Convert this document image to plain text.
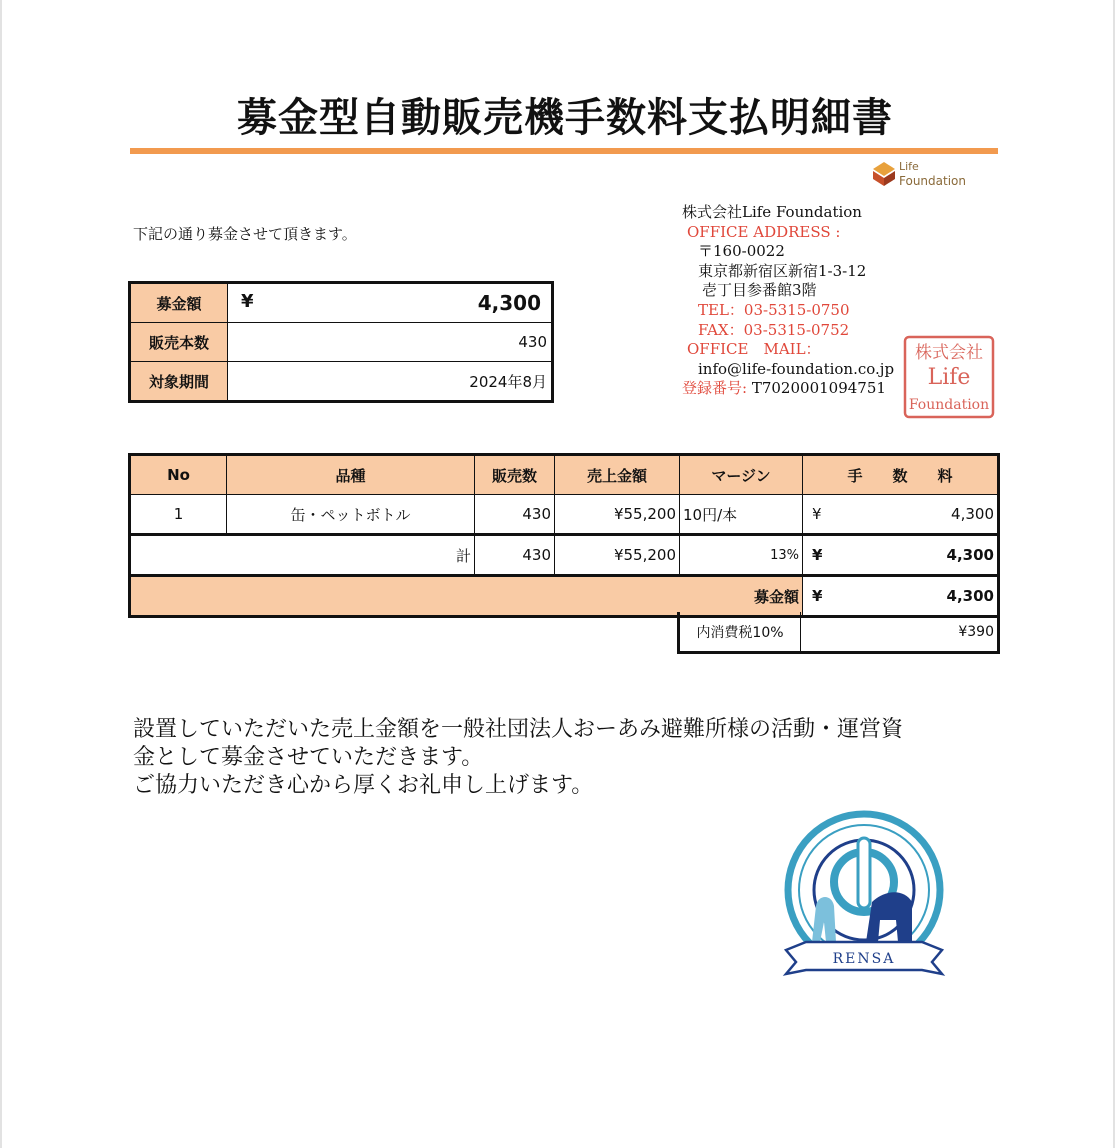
募金型自動販売機手数料支払明細書
Life
Foundation
株式会社Life Foundation
OFFICE ADDRESS :
〒160-0022
東京都新宿区新宿1-3-12
壱丁目参番館3階
TEL：03-5315-0750
FAX：03-5315-0752
OFFICE　MAIL：
info@life-foundation.co.jp
登録番号: T7020001094751
株式会社
Life
Foundation
下記の通り募金させて頂きます。
募金額	¥ 4,300
販売本数	430
対象期間	2024年8月
No	品種	販売数	売上金額	マージン	手　　数　　料
1	缶・ペットボトル	430	¥55,200	10円/本	¥ 4,300
計		430	¥55,200	13%	¥ 4,300
募金額					¥ 4,300
内消費税10%	¥390
設置していただいた売上金額を一般社団法人おーあみ避難所様の活動・運営資
金として募金させていただきます。
ご協力いただき心から厚くお礼申し上げます。
RENSA
